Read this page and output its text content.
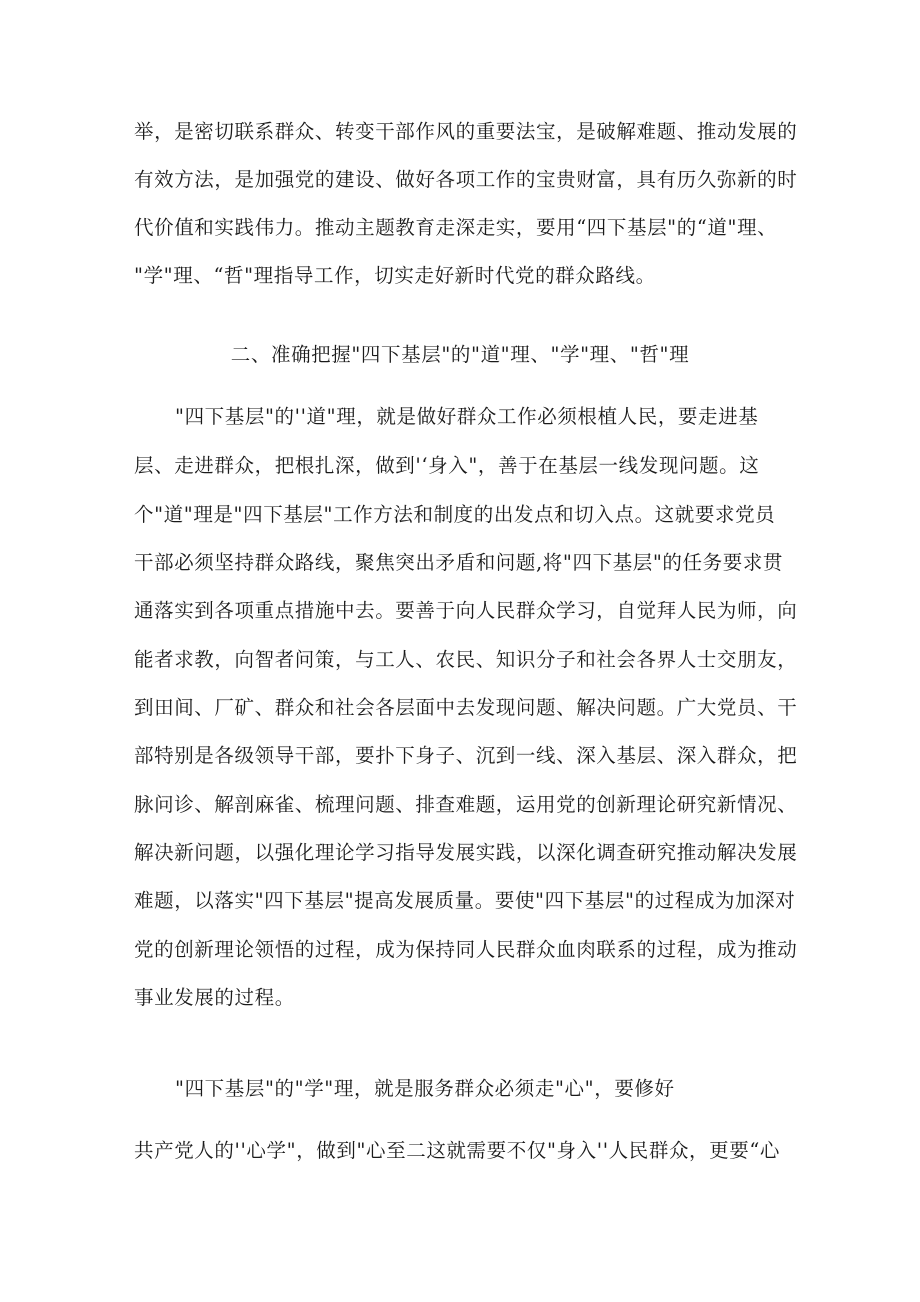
举，是密切联系群众、转变干部作风的重要法宝，是破解难题、推动发展的
有效方法，是加强党的建设、做好各项工作的宝贵财富，具有历久弥新的时
代价值和实践伟力。推动主题教育走深走实，要用“四下基层"的“道"理、
"学"理、“哲"理指导工作，切实走好新时代党的群众路线。
二、准确把握"四下基层"的"道"理、"学"理、"哲"理
"四下基层"的''道"理，就是做好群众工作必须根植人民，要走进基
层、走进群众，把根扎深，做到'‘身入"，善于在基层一线发现问题。这
个"道"理是"四下基层"工作方法和制度的出发点和切入点。这就要求党员
干部必须坚持群众路线，聚焦突出矛盾和问题,将"四下基层"的任务要求贯
通落实到各项重点措施中去。要善于向人民群众学习，自觉拜人民为师，向
能者求教，向智者问策，与工人、农民、知识分子和社会各界人士交朋友，
到田间、厂矿、群众和社会各层面中去发现问题、解决问题。广大党员、干
部特别是各级领导干部，要扑下身子、沉到一线、深入基层、深入群众，把
脉问诊、解剖麻雀、梳理问题、排查难题，运用党的创新理论研究新情况、
解决新问题，以强化理论学习指导发展实践，以深化调查研究推动解决发展
难题，以落实"四下基层"提高发展质量。要使"四下基层"的过程成为加深对
党的创新理论领悟的过程，成为保持同人民群众血肉联系的过程，成为推动
事业发展的过程。
"四下基层"的"学"理，就是服务群众必须走"心"，要修好
共产党人的''心学"，做到"心至二这就需要不仅"身入''人民群众，更要“心
